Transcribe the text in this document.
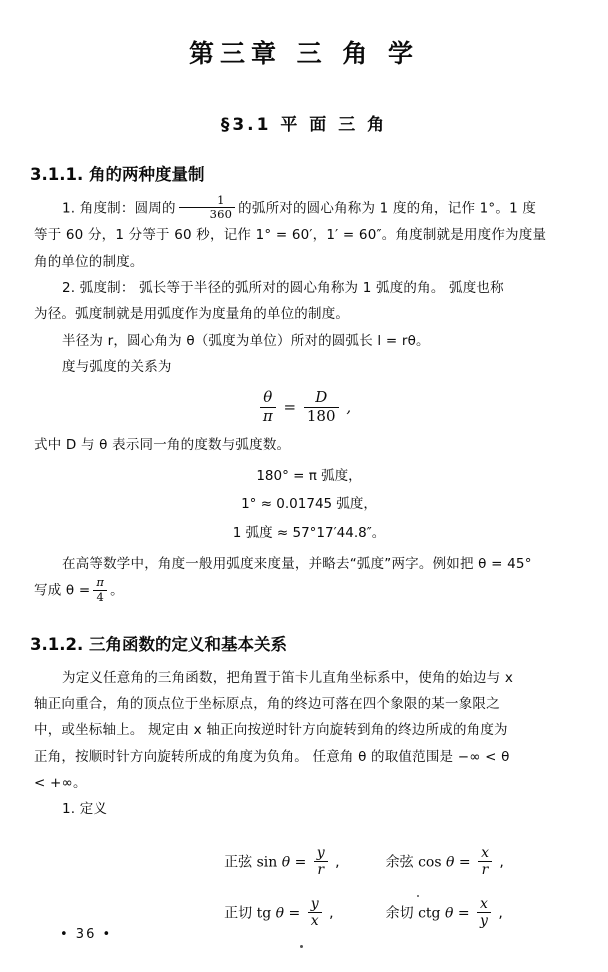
第三章 三 角 学
§3.1 平 面 三 角
3.1.1. 角的两种度量制
1. 角度制：圆周的 $\frac{1}{360}$ 的弧所对的圆心角称为 1 度的角，记作 1°。1 度
等于 60 分，1 分等于 60 秒，记作 1° = 60′，1′ = 60″。角度制就是用度作为度量
角的单位的制度。
2. 弧度制： 弧长等于半径的弧所对的圆心角称为 1 弧度的角。 弧度也称
为径。弧度制就是用弧度作为度量角的单位的制度。
半径为 r，圆心角为 θ（弧度为单位）所对的圆弧长 l = rθ。
度与弧度的关系为
$\frac{\theta}{\pi} = \frac{D}{180}$ ,
式中 D 与 θ 表示同一角的度数与弧度数。
180° = π 弧度，
1° ≈ 0.01745 弧度，
1 弧度 ≈ 57°17′44.8″。
在高等数学中，角度一般用弧度来度量，并略去“弧度”两字。例如把 θ = 45°
写成 $\theta = \frac{\pi}{4}$ 。
3.1.2. 三角函数的定义和基本关系
为定义任意角的三角函数，把角置于笛卡儿直角坐标系中，使角的始边与 x
轴正向重合，角的顶点位于坐标原点，角的终边可落在四个象限的某一象限之
中，或坐标轴上。 规定由 x 轴正向按逆时针方向旋转到角的终边所成的角度为
正角，按顺时针方向旋转所成的角度为负角。 任意角 θ 的取值范围是 −∞ < θ
< +∞。
1. 定义
正弦 $\sin \theta = \frac{y}{r}$ ,	余弦 $\cos \theta = \frac{x}{r}$ ,
正切 tg $\theta = \frac{y}{x}$ ,	余切 ctg $\theta = \frac{x}{y}$ ,
• 36 •
